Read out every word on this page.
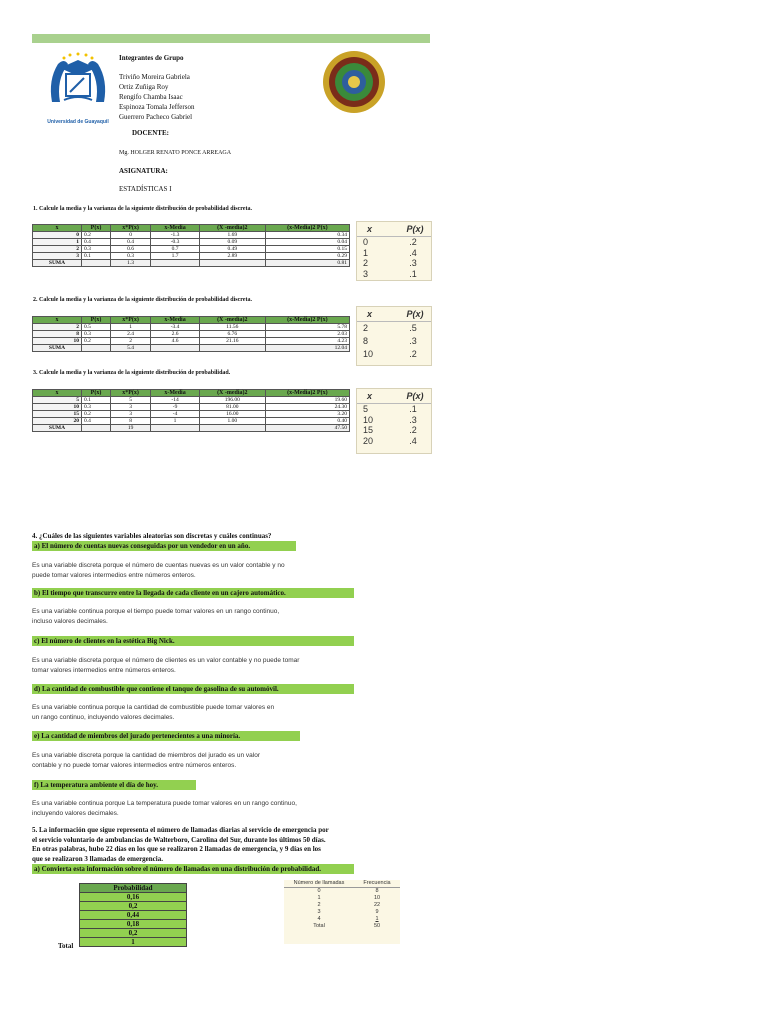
Universidad de Guayaquil
Integrantes de Grupo
Triviño Moreira Gabriela
Ortiz Zuñiga Roy
Rengifo Chamba Isaac
Espinoza Tomala Jefferson
Guerrero Pacheco Gabriel
DOCENTE:
Mg. HOLGER RENATO PONCE ARREAGA
ASIGNATURA:
ESTADÍSTICAS I
1. Calcule la media y la varianza de la siguiente distribución de probabilidad discreta.
x	P(x)	x*P(x)	x-Media	(X -media)2	(x-Media)2 P(x)
0	0.2	0	-1.3	1.69	0.34
1	0.4	0.4	-0.3	0.09	0.04
2	0.3	0.6	0.7	0.49	0.15
3	0.1	0.3	1.7	2.89	0.29
SUMA		1.3			0.81
x	P(x)
0	.2
1	.4
2	.3
3	.1
2. Calcule la media y la varianza de la siguiente distribución de probabilidad discreta.
x	P(x)	x*P(x)	x-Media	(X -media)2	(x-Media)2 P(x)
2	0.5	1	-3.4	11.56	5.78
8	0.3	2.4	2.6	6.76	2.03
10	0.2	2	4.6	21.16	4.23
SUMA		5.4			12.04
x	P(x)
2	.5
8	.3
10	.2
3. Calcule la media y la varianza de la siguiente distribución de probabilidad.
x	P(x)	x*P(x)	x-Media	(X -media)2	(x-Media)2 P(x)
5	0.1	5	-14	196.00	19.60
10	0.3	3	-9	81.00	24.30
15	0.2	3	-4	16.00	3.20
20	0.4	8	1	1.00	0.40
SUMA		19			47.50
x	P(x)
5	.1
10	.3
15	.2
20	.4
4. ¿Cuáles de las siguientes variables aleatorias son discretas y cuáles continuas?
a) El número de cuentas nuevas conseguidas por un vendedor en un año.
Es una variable discreta porque el número de cuentas nuevas es un valor contable y no
puede tomar valores intermedios entre números enteros.
b) El tiempo que transcurre entre la llegada de cada cliente en un cajero automático.
Es una variable continua porque el tiempo puede tomar valores en un rango continuo,
incluso valores decimales.
c) El número de clientes en la estética Big Nick.
Es una variable discreta porque el número de clientes es un valor contable y no puede tomar
tomar valores intermedios entre números enteros.
d) La cantidad de combustible que contiene el tanque de gasolina de su automóvil.
Es una variable continua porque la cantidad de combustible puede tomar valores en
un rango continuo, incluyendo valores decimales.
e) La cantidad de miembros del jurado pertenecientes a una minoría.
Es una variable discreta porque la cantidad de miembros del jurado es un valor
contable y no puede tomar valores intermedios entre números enteros.
f) La temperatura ambiente el día de hoy.
Es una variable continua porque La temperatura puede tomar valores en un rango continuo,
incluyendo valores decimales.
5. La información que sigue representa el número de llamadas diarias al servicio de emergencia por
el servicio voluntario de ambulancias de Walterboro, Carolina del Sur, durante los últimos 50 días.
En otras palabras, hubo 22 días en los que se realizaron 2 llamadas de emergencia, y 9 días en los
que se realizaron 3 llamadas de emergencia.
a) Convierta esta información sobre el número de llamadas en una distribución de probabilidad.
Probabilidad
0,16
0,2
0,44
0,18
0,2
1
Total
Número de llamadas	Frecuencia
0	8
1	10
2	22
3	9
4	1
Total	50
